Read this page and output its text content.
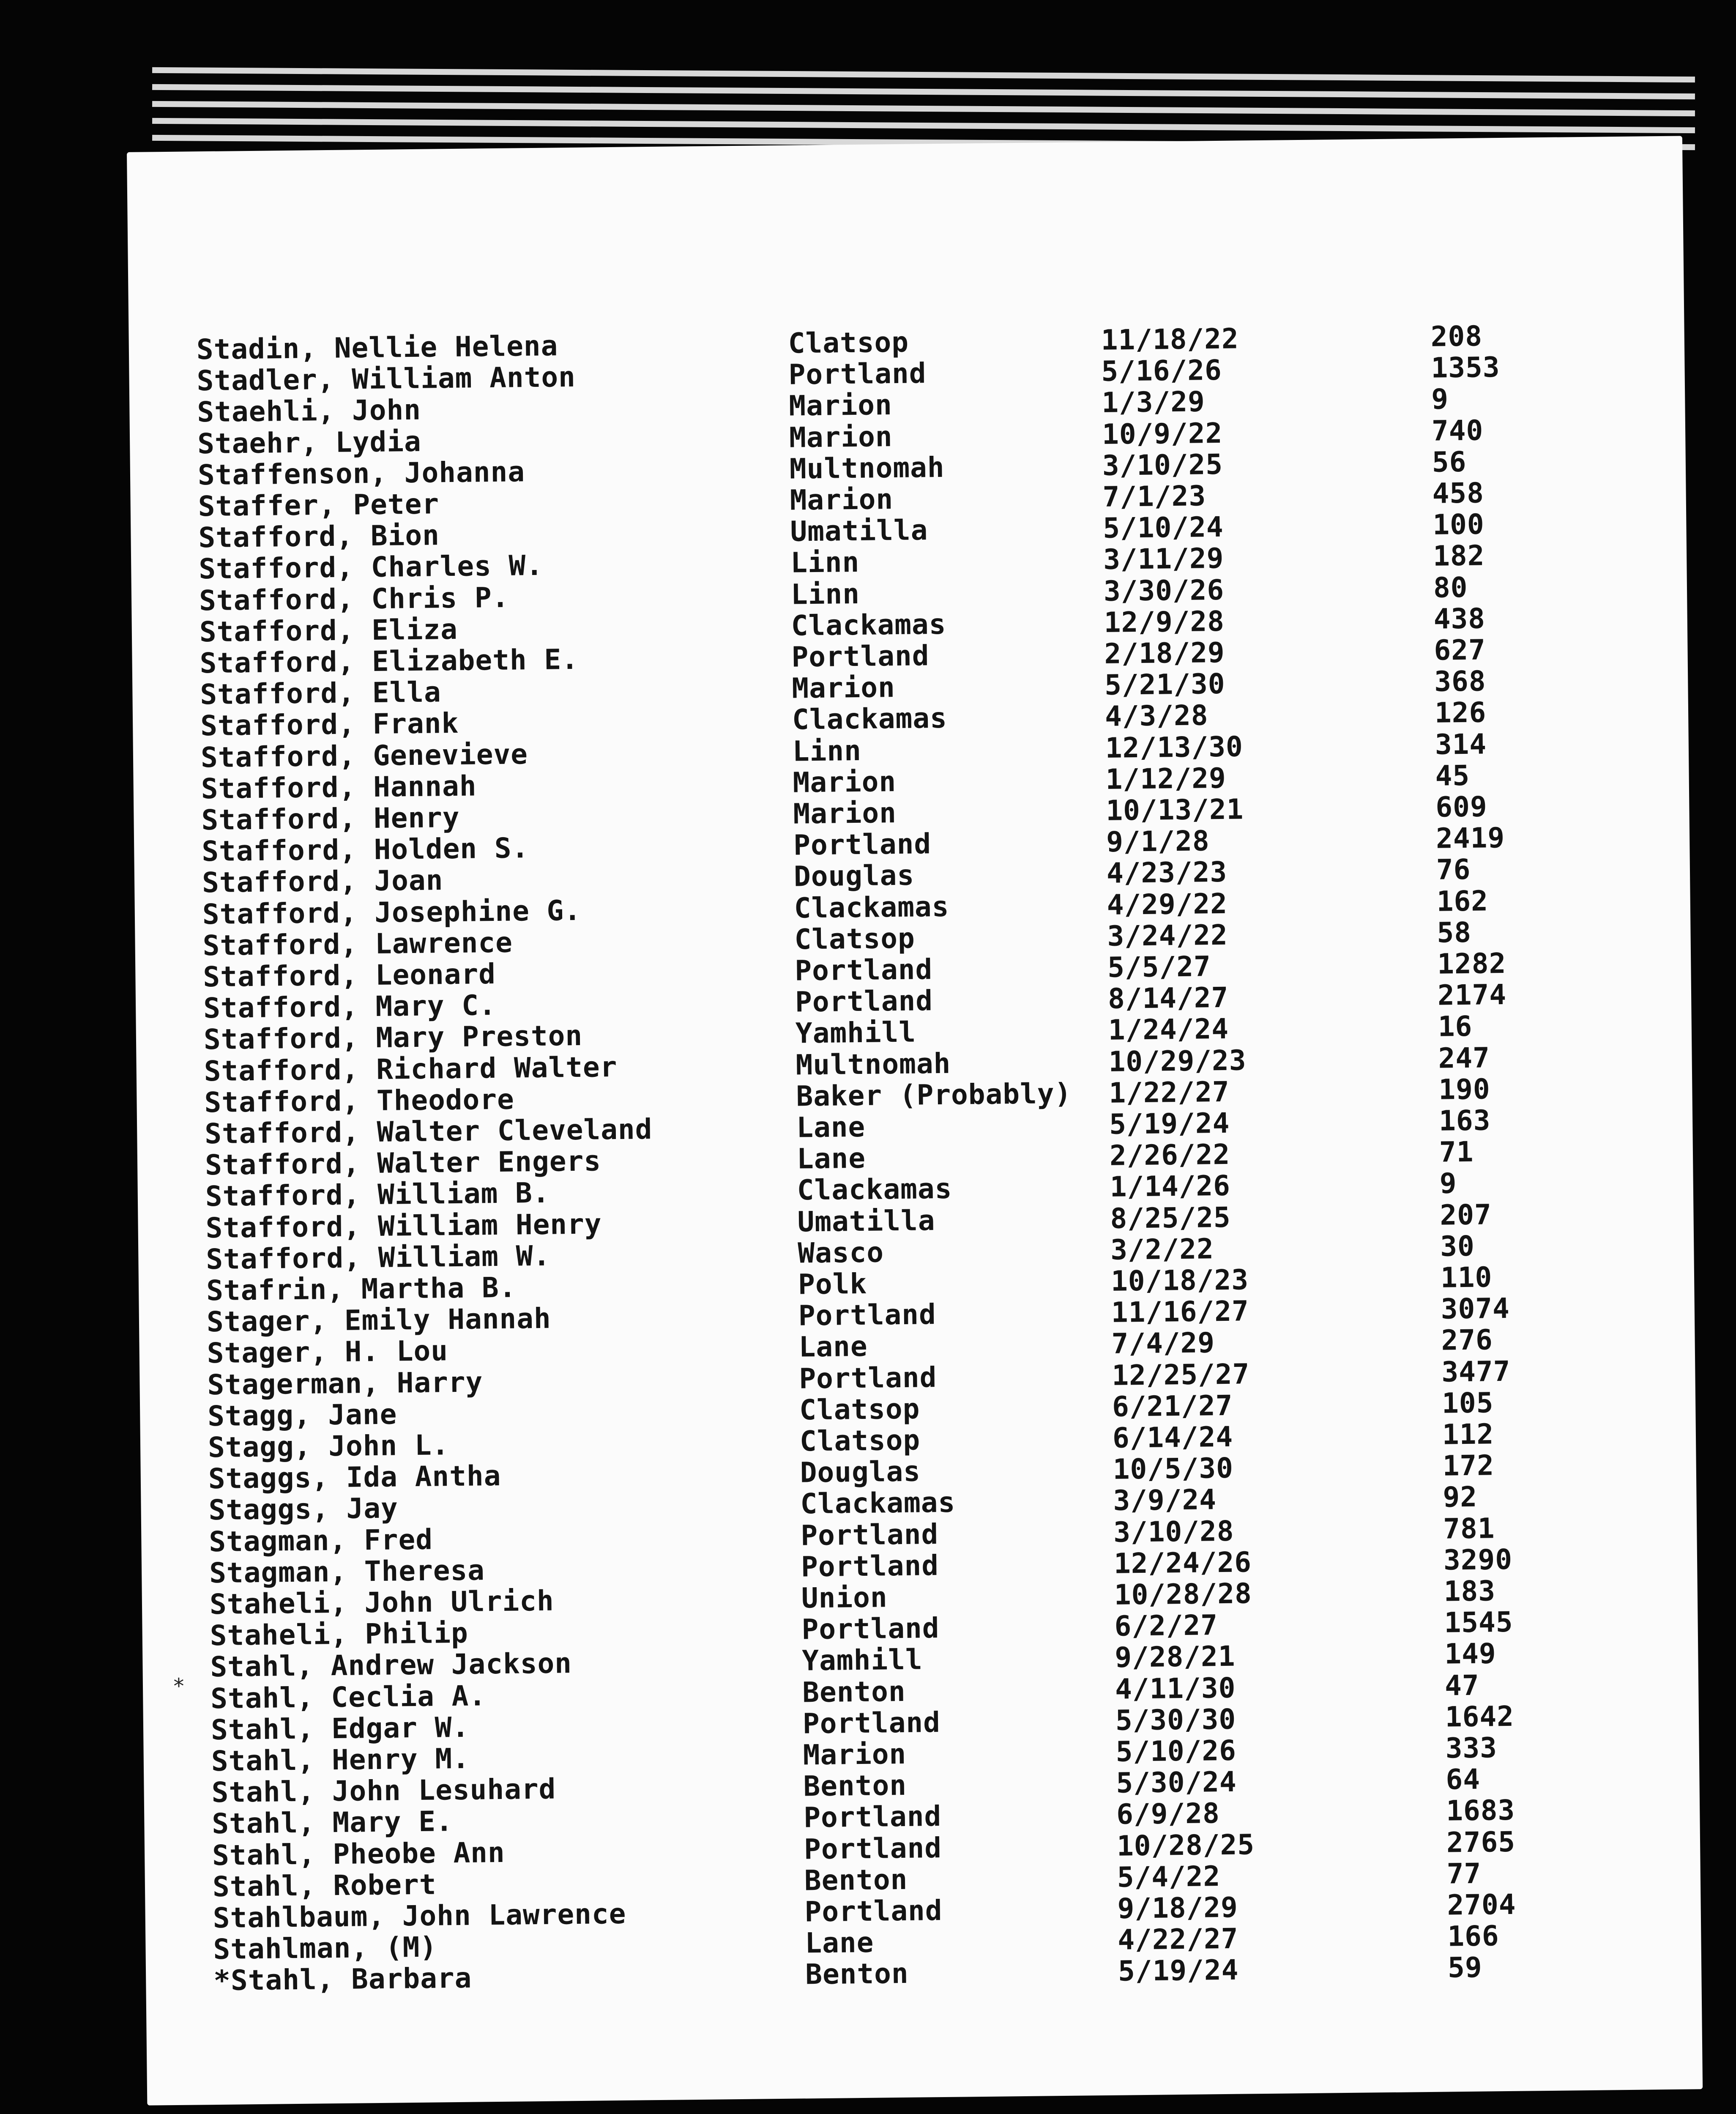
Stadin, Nellie Helena	Clatsop	11/18/22	208
Stadler, William Anton	Portland	5/16/26	1353
Staehli, John	Marion	1/3/29	9
Staehr, Lydia	Marion	10/9/22	740
Staffenson, Johanna	Multnomah	3/10/25	56
Staffer, Peter	Marion	7/1/23	458
Stafford, Bion	Umatilla	5/10/24	100
Stafford, Charles W.	Linn	3/11/29	182
Stafford, Chris P.	Linn	3/30/26	80
Stafford, Eliza	Clackamas	12/9/28	438
Stafford, Elizabeth E.	Portland	2/18/29	627
Stafford, Ella	Marion	5/21/30	368
Stafford, Frank	Clackamas	4/3/28	126
Stafford, Genevieve	Linn	12/13/30	314
Stafford, Hannah	Marion	1/12/29	45
Stafford, Henry	Marion	10/13/21	609
Stafford, Holden S.	Portland	9/1/28	2419
Stafford, Joan	Douglas	4/23/23	76
Stafford, Josephine G.	Clackamas	4/29/22	162
Stafford, Lawrence	Clatsop	3/24/22	58
Stafford, Leonard	Portland	5/5/27	1282
Stafford, Mary C.	Portland	8/14/27	2174
Stafford, Mary Preston	Yamhill	1/24/24	16
Stafford, Richard Walter	Multnomah	10/29/23	247
Stafford, Theodore	Baker (Probably) 1/22/27	190
Stafford, Walter Cleveland	Lane	5/19/24	163
Stafford, Walter Engers	Lane	2/26/22	71
Stafford, William B.	Clackamas	1/14/26	9
Stafford, William Henry	Umatilla	8/25/25	207
Stafford, William W.	Wasco	3/2/22	30
Stafrin, Martha B.	Polk	10/18/23	110
Stager, Emily Hannah	Portland	11/16/27	3074
Stager, H. Lou	Lane	7/4/29	276
Stagerman, Harry	Portland	12/25/27	3477
Stagg, Jane	Clatsop	6/21/27	105
Stagg, John L.	Clatsop	6/14/24	112
Staggs, Ida Antha	Douglas	10/5/30	172
Staggs, Jay	Clackamas	3/9/24	92
Stagman, Fred	Portland	3/10/28	781
Stagman, Theresa	Portland	12/24/26	3290
Staheli, John Ulrich	Union	10/28/28	183
Staheli, Philip	Portland	6/2/27	1545
Stahl, Andrew Jackson	Yamhill	9/28/21	149
Stahl, Ceclia A.	Benton	4/11/30	47
Stahl, Edgar W.	Portland	5/30/30	1642
Stahl, Henry M.	Marion	5/10/26	333
Stahl, John Lesuhard	Benton	5/30/24	64
Stahl, Mary E.	Portland	6/9/28	1683
Stahl, Pheobe Ann	Portland	10/28/25	2765
Stahl, Robert	Benton	5/4/22	77
Stahlbaum, John Lawrence	Portland	9/18/29	2704
Stahlman, (M)	Lane	4/22/27	166
*Stahl, Barbara	Benton	5/19/24	59
*
